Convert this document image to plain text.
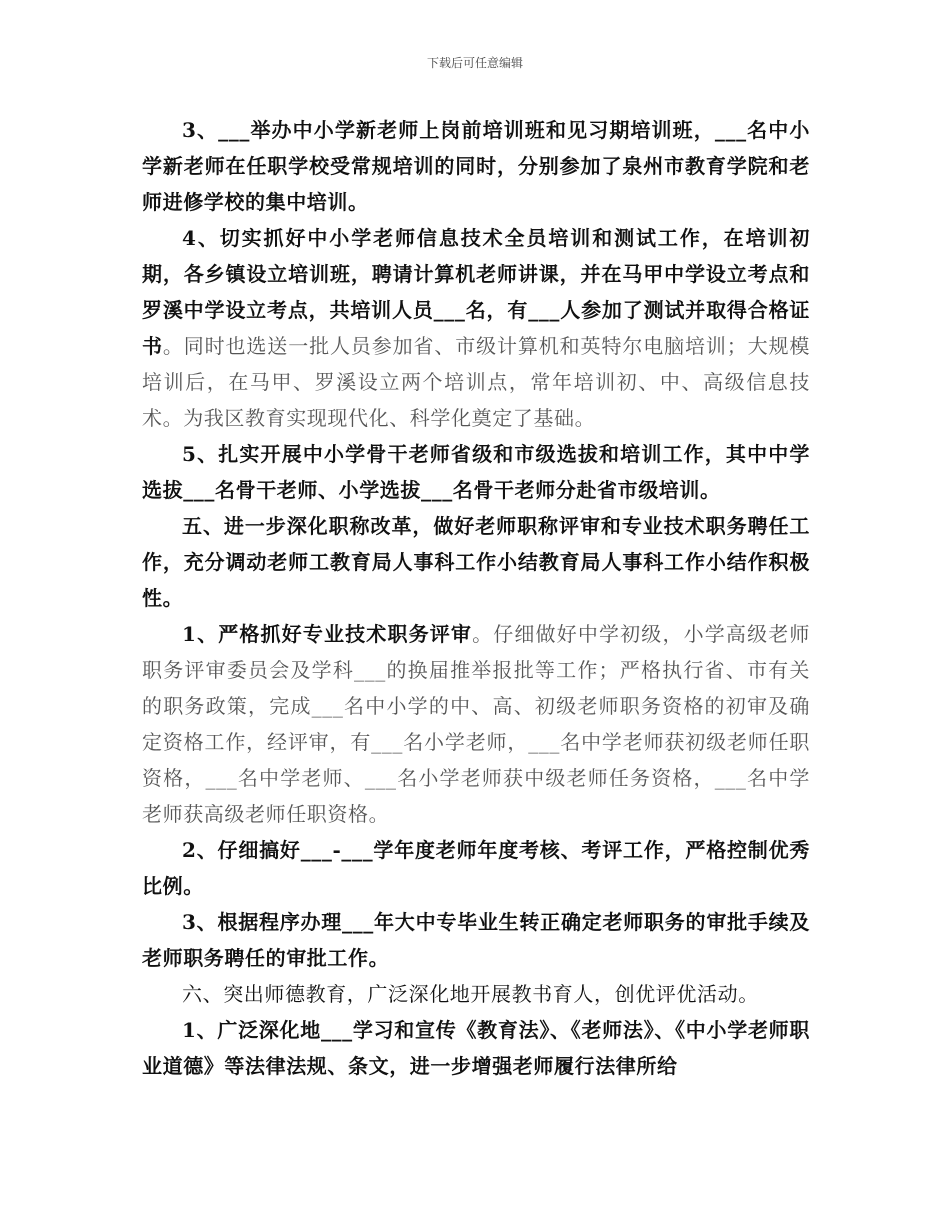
下载后可任意编辑

3、___举办中小学新老师上岗前培训班和见习期培训班，___名中小学新老师在任职学校受常规培训的同时，分别参加了泉州市教育学院和老师进修学校的集中培训。

4、切实抓好中小学老师信息技术全员培训和测试工作，在培训初期，各乡镇设立培训班，聘请计算机老师讲课，并在马甲中学设立考点和罗溪中学设立考点，共培训人员___名，有___人参加了测试并取得合格证书。同时也选送一批人员参加省、市级计算机和英特尔电脑培训；大规模培训后，在马甲、罗溪设立两个培训点，常年培训初、中、高级信息技术。为我区教育实现现代化、科学化奠定了基础。

5、扎实开展中小学骨干老师省级和市级选拔和培训工作，其中中学选拔___名骨干老师、小学选拔___名骨干老师分赴省市级培训。

五、进一步深化职称改革，做好老师职称评审和专业技术职务聘任工作，充分调动老师工教育局人事科工作小结教育局人事科工作小结作积极性。

1、严格抓好专业技术职务评审。仔细做好中学初级，小学高级老师职务评审委员会及学科___的换届推举报批等工作；严格执行省、市有关的职务政策，完成___名中小学的中、高、初级老师职务资格的初审及确定资格工作，经评审，有___名小学老师，___名中学老师获初级老师任职资格，___名中学老师、___名小学老师获中级老师任务资格，___名中学老师获高级老师任职资格。

2、仔细搞好___-___学年度老师年度考核、考评工作，严格控制优秀比例。

3、根据程序办理___年大中专毕业生转正确定老师职务的审批手续及老师职务聘任的审批工作。

六、突出师德教育，广泛深化地开展教书育人，创优评优活动。

1、广泛深化地___学习和宣传《教育法》、《老师法》、《中小学老师职业道德》等法律法规、条文，进一步增强老师履行法律所给
